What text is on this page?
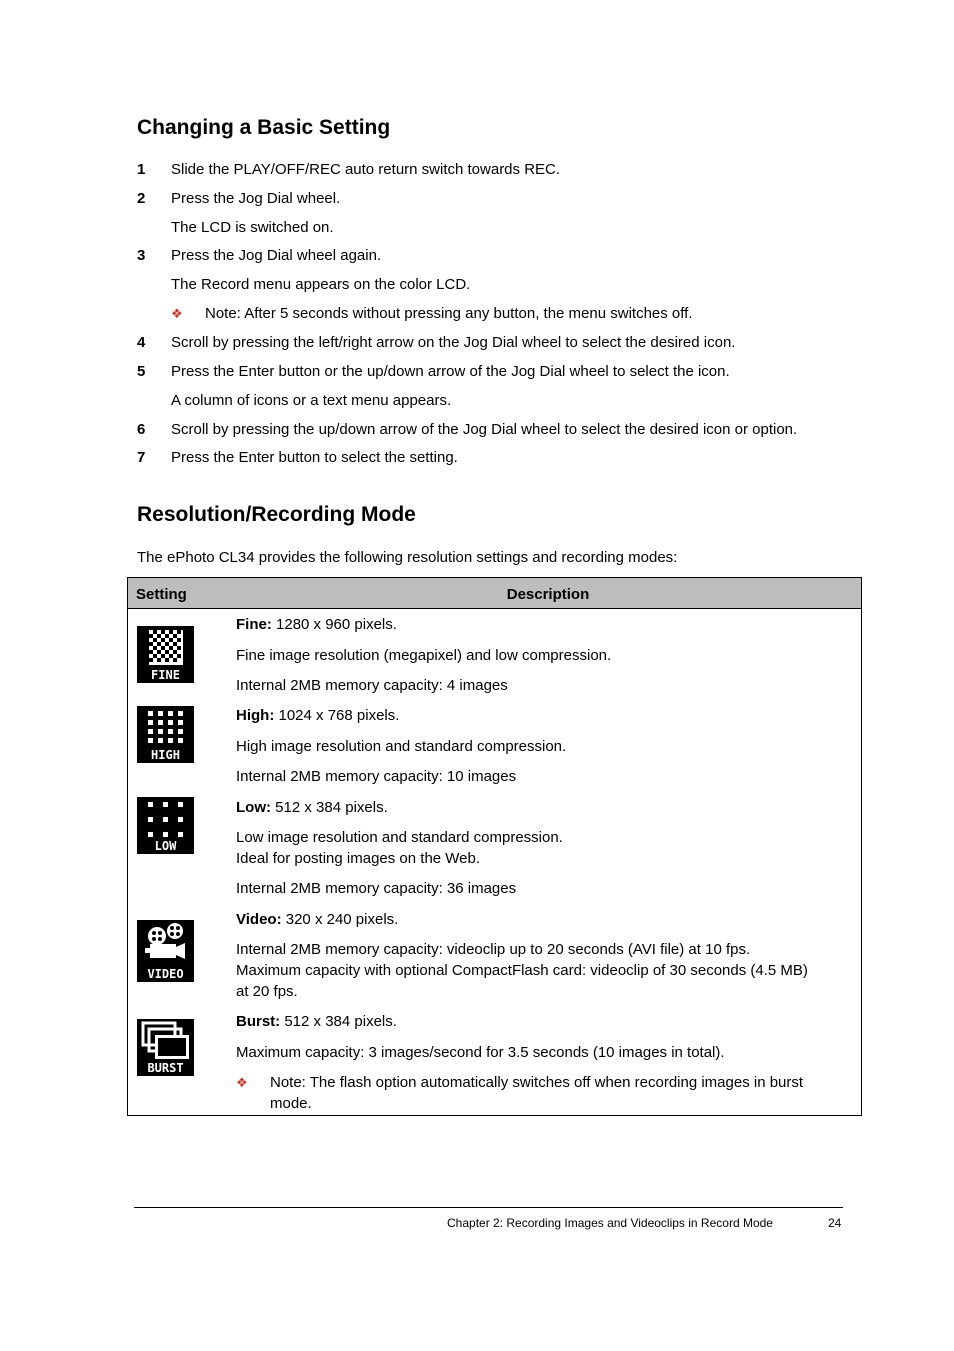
Changing a Basic Setting
1	Slide the PLAY/OFF/REC auto return switch towards REC.
2	Press the Jog Dial wheel.
The LCD is switched on.
3	Press the Jog Dial wheel again.
The Record menu appears on the color LCD.
❖ Note: After 5 seconds without pressing any button, the menu switches off.
4	Scroll by pressing the left/right arrow on the Jog Dial wheel to select the desired icon.
5	Press the Enter button or the up/down arrow of the Jog Dial wheel to select the icon.
A column of icons or a text menu appears.
6	Scroll by pressing the up/down arrow of the Jog Dial wheel to select the desired icon or option.
7	Press the Enter button to select the setting.
Resolution/Recording Mode
The ePhoto CL34 provides the following resolution settings and recording modes:
Setting	Description
FINE
Fine: 1280 x 960 pixels.
Fine image resolution (megapixel) and low compression.
Internal 2MB memory capacity: 4 images
HIGH
High: 1024 x 768 pixels.
High image resolution and standard compression.
Internal 2MB memory capacity: 10 images
LOW
Low: 512 x 384 pixels.
Low image resolution and standard compression.
Ideal for posting images on the Web.
Internal 2MB memory capacity: 36 images
VIDEO
Video: 320 x 240 pixels.
Internal 2MB memory capacity: videoclip up to 20 seconds (AVI file) at 10 fps.
Maximum capacity with optional CompactFlash card: videoclip of 30 seconds (4.5 MB)
at 20 fps.
BURST
Burst: 512 x 384 pixels.
Maximum capacity: 3 images/second for 3.5 seconds (10 images in total).
❖ Note: The flash option automatically switches off when recording images in burst
mode.
Chapter 2: Recording Images and Videoclips in Record Mode	24
